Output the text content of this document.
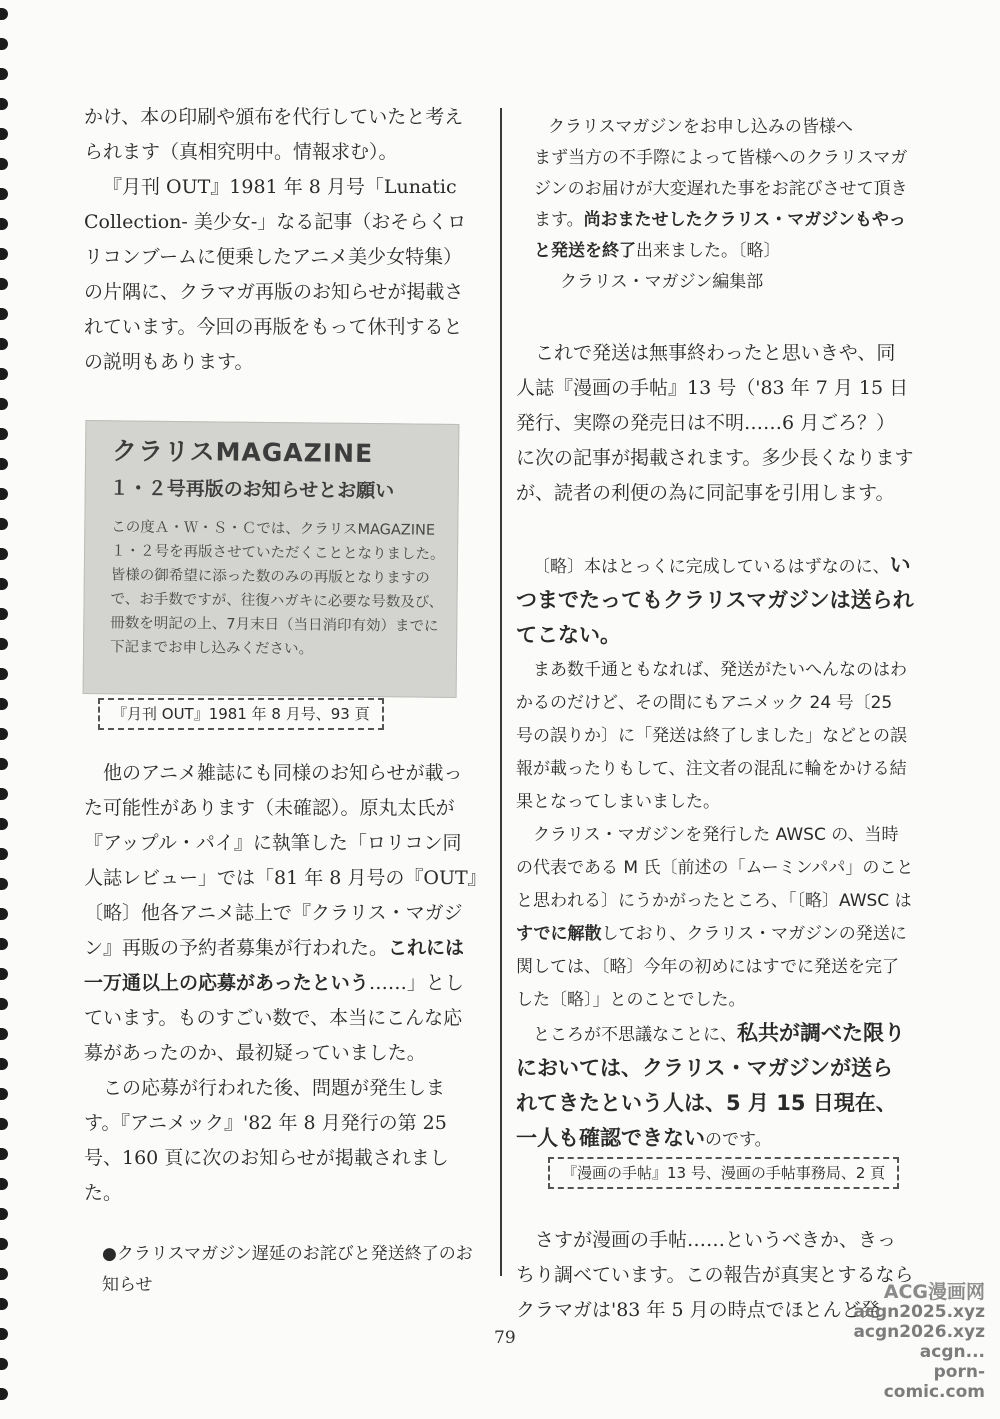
かけ、本の印刷や頒布を代行していたと考えられます（真相究明中。情報求む）。

『月刊 OUT』1981 年 8 月号「Lunatic Collection- 美少女-」なる記事（おそらくロリコンブームに便乗したアニメ美少女特集）の片隅に、クラマガ再版のお知らせが掲載されています。今回の再版をもって休刊するとの説明もあります。

クラリスMAGAZINE
１・２号再版のお知らせとお願い
この度Ａ・Ｗ・Ｓ・Ｃでは、クラリスMAGAZINE１・２号を再版させていただくこととなりました。皆様の御希望に添った数のみの再版となりますので、お手数ですが、往復ハガキに必要な号数及び、冊数を明記の上、7月末日（当日消印有効）までに下記までお申し込みください。
『月刊 OUT』1981 年 8 月号、93 頁

他のアニメ雑誌にも同様のお知らせが載った可能性があります（未確認）。原丸太氏が『アップル・パイ』に執筆した「ロリコン同人誌レビュー」では「81 年 8 月号の『OUT』〔略〕他各アニメ誌上で『クラリス・マガジン』再販の予約者募集が行われた。これには一万通以上の応募があったという……」としています。ものすごい数で、本当にこんな応募があったのか、最初疑っていました。

この応募が行われた後、問題が発生します。『アニメック』'82 年 8 月発行の第 25 号、160 頁に次のお知らせが掲載されました。

●クラリスマガジン遅延のお詫びと発送終了のお知らせ

クラリスマガジンをお申し込みの皆様へ

まず当方の不手際によって皆様へのクラリスマガジンのお届けが大変遅れた事をお詫びさせて頂きます。尚おまたせしたクラリス・マガジンもやっと発送を終了出来ました。〔略〕

クラリス・マガジン編集部

これで発送は無事終わったと思いきや、同人誌『漫画の手帖』13 号（'83 年 7 月 15 日発行、実際の発売日は不明……6 月ごろ？）に次の記事が掲載されます。多少長くなりますが、読者の利便の為に同記事を引用します。

〔略〕本はとっくに完成しているはずなのに、いつまでたってもクラリスマガジンは送られてこない。

まあ数千通ともなれば、発送がたいへんなのはわかるのだけど、その間にもアニメック 24 号〔25 号の誤りか〕に「発送は終了しました」などとの誤報が載ったりもして、注文者の混乱に輪をかける結果となってしまいました。

クラリス・マガジンを発行した AWSC の、当時の代表である M 氏〔前述の「ムーミンパパ」のことと思われる〕にうかがったところ、「〔略〕AWSC はすでに解散しており、クラリス・マガジンの発送に関しては、〔略〕今年の初めにはすでに発送を完了した〔略〕」とのことでした。

ところが不思議なことに、私共が調べた限りにおいては、クラリス・マガジンが送られてきたという人は、5 月 15 日現在、一人も確認できないのです。

『漫画の手帖』13 号、漫画の手帖事務局、2 頁

さすが漫画の手帖……というべきか、きっちり調べています。この報告が真実とするならクラマガは'83 年 5 月の時点でほとんど発

79
ACG漫画网
acgn2025.xyz
acgn2026.xyz
acgn...
porn-comic.com
